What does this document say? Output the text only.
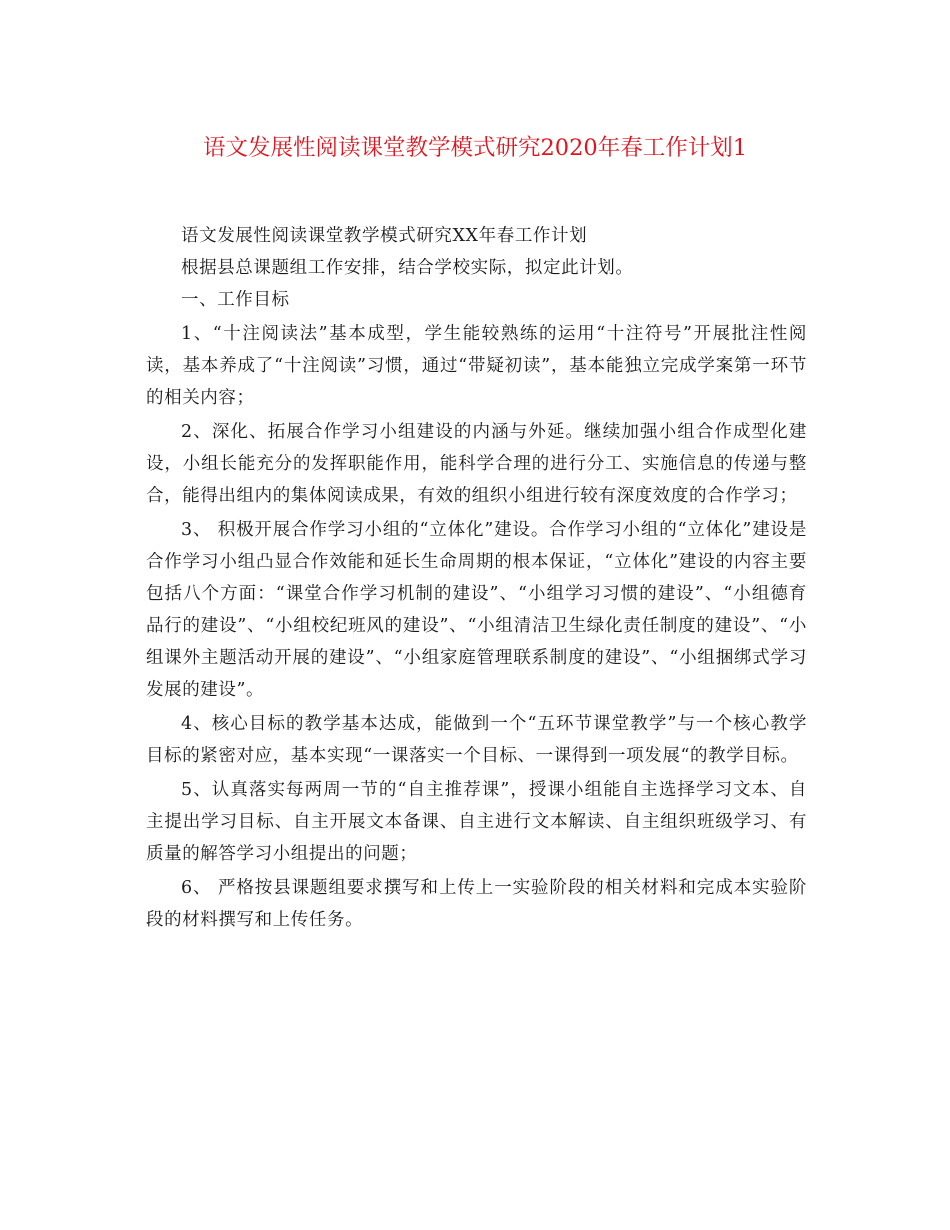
语文发展性阅读课堂教学模式研究2020年春工作计划1

语文发展性阅读课堂教学模式研究XX年春工作计划

根据县总课题组工作安排，结合学校实际，拟定此计划。

一、工作目标

1、“十注阅读法”基本成型，学生能较熟练的运用“十注符号”开展批注性阅读，基本养成了“十注阅读”习惯，通过“带疑初读”，基本能独立完成学案第一环节的相关内容；

2、深化、拓展合作学习小组建设的内涵与外延。继续加强小组合作成型化建设，小组长能充分的发挥职能作用，能科学合理的进行分工、实施信息的传递与整合，能得出组内的集体阅读成果，有效的组织小组进行较有深度效度的合作学习；

3、 积极开展合作学习小组的“立体化”建设。合作学习小组的“立体化”建设是合作学习小组凸显合作效能和延长生命周期的根本保证，“立体化”建设的内容主要包括八个方面：“课堂合作学习机制的建设”、“小组学习习惯的建设”、“小组德育品行的建设”、“小组校纪班风的建设”、“小组清洁卫生绿化责任制度的建设”、“小组课外主题活动开展的建设”、“小组家庭管理联系制度的建设”、“小组捆绑式学习发展的建设”。

4、核心目标的教学基本达成，能做到一个“五环节课堂教学”与一个核心教学目标的紧密对应，基本实现“一课落实一个目标、一课得到一项发展“的教学目标。

5、认真落实每两周一节的“自主推荐课”，授课小组能自主选择学习文本、自主提出学习目标、自主开展文本备课、自主进行文本解读、自主组织班级学习、有质量的解答学习小组提出的问题；

6、 严格按县课题组要求撰写和上传上一实验阶段的相关材料和完成本实验阶段的材料撰写和上传任务。
